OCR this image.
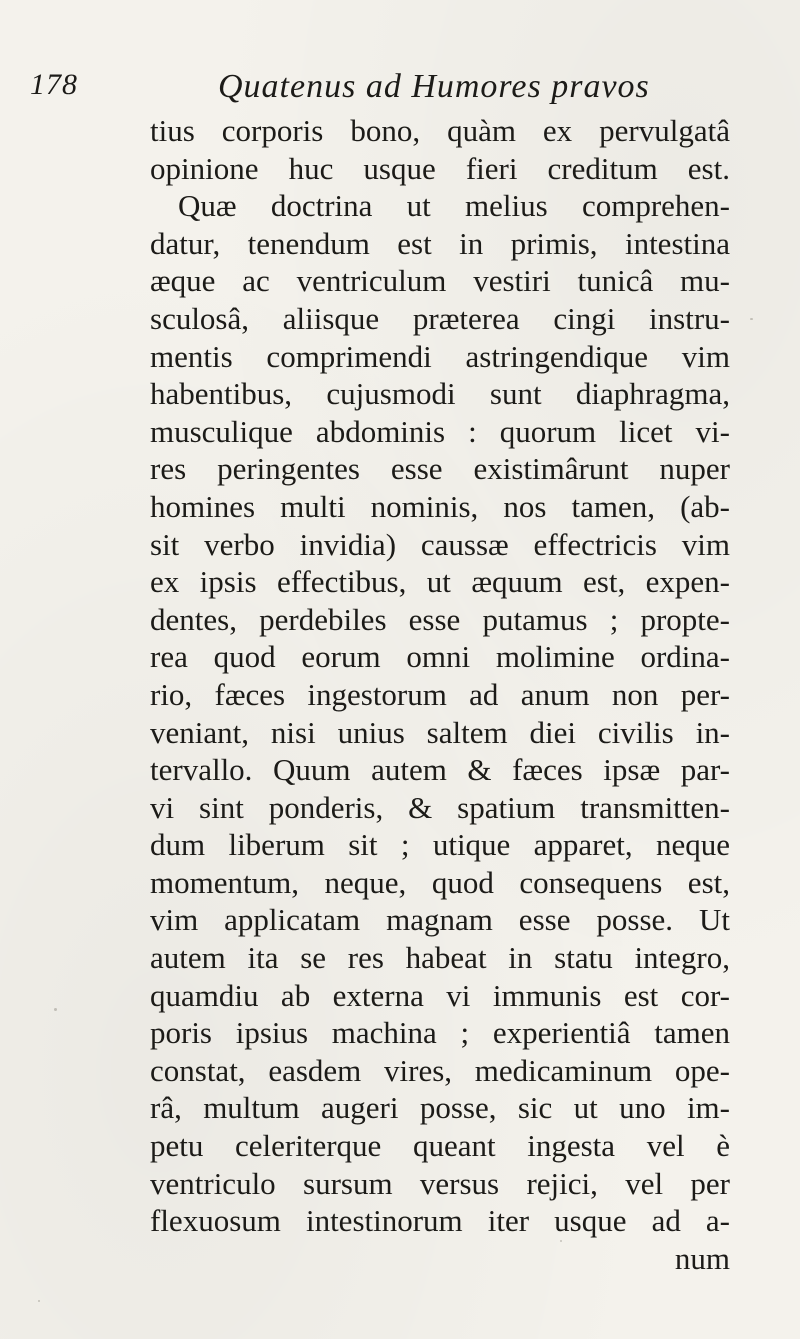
178	Quatenus ad Humores pravos
tius corporis bono, quàm ex pervulgatâ
opinione huc usque fieri creditum est.
Quæ doctrina ut melius comprehen-
datur, tenendum est in primis, intestina
æque ac ventriculum vestiri tunicâ mu-
sculosâ, aliisque præterea cingi instru-
mentis comprimendi astringendique vim
habentibus, cujusmodi sunt diaphragma,
musculique abdominis : quorum licet vi-
res peringentes esse existimârunt nuper
homines multi nominis, nos tamen, (ab-
sit verbo invidia) caussæ effectricis vim
ex ipsis effectibus, ut æquum est, expen-
dentes, perdebiles esse putamus ; propte-
rea quod eorum omni molimine ordina-
rio, fæces ingestorum ad anum non per-
veniant, nisi unius saltem diei civilis in-
tervallo. Quum autem & fæces ipsæ par-
vi sint ponderis, & spatium transmitten-
dum liberum sit ; utique apparet, neque
momentum, neque, quod consequens est,
vim applicatam magnam esse posse. Ut
autem ita se res habeat in statu integro,
quamdiu ab externa vi immunis est cor-
poris ipsius machina ; experientiâ tamen
constat, easdem vires, medicaminum ope-
râ, multum augeri posse, sic ut uno im-
petu celeriterque queant ingesta vel è
ventriculo sursum versus rejici, vel per
flexuosum intestinorum iter usque ad a-
num
